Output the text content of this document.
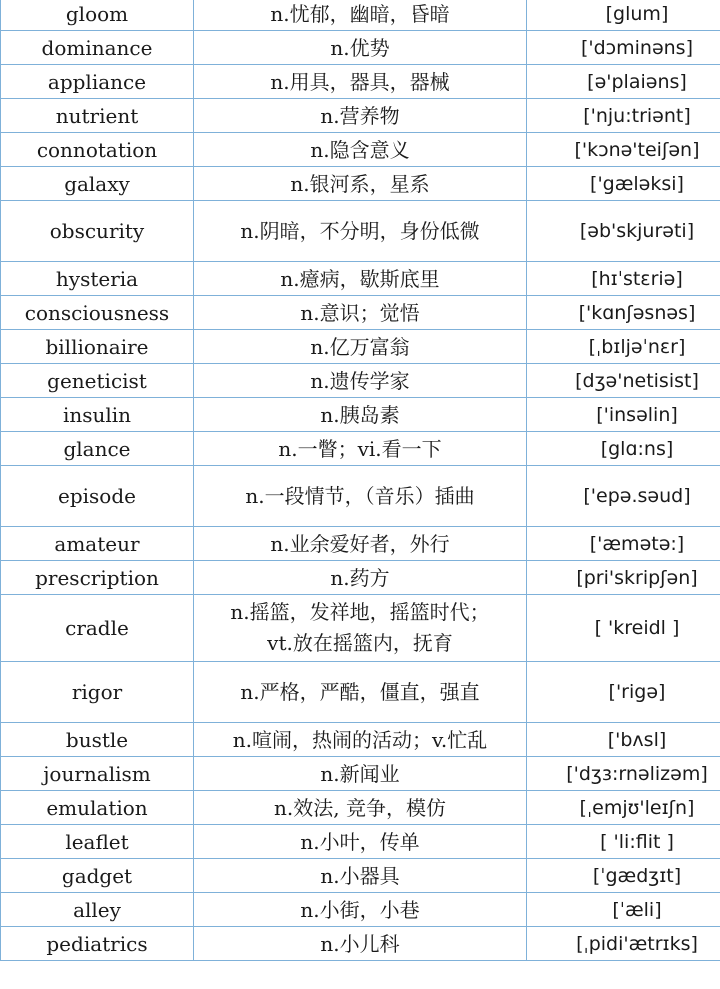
gloom	n.忧郁，幽暗，昏暗	[glum]
dominance	n.优势	['dɔminəns]
appliance	n.用具，器具，器械	[ə'plaiəns]
nutrient	n.营养物	['nju:triənt]
connotation	n.隐含意义	['kɔnə'teiʃən]
galaxy	n.银河系，星系	['gæləksi]
obscurity	n.阴暗，不分明，身份低微	[əb'skjurəti]
hysteria	n.癔病，歇斯底里	[hɪˈstɛriə]
consciousness	n.意识；觉悟	['kɑnʃəsnəs]
billionaire	n.亿万富翁	[ˌbɪljəˈnɛr]
geneticist	n.遗传学家	[dʒə'netisist]
insulin	n.胰岛素	['insəlin]
glance	n.一瞥；vi.看一下	[glɑ:ns]
episode	n.一段情节，（音乐）插曲	['epə.səud]
amateur	n.业余爱好者，外行	['æmətə:]
prescription	n.药方	[pri'skripʃən]
cradle	n.摇篮，发祥地，摇篮时代；
vt.放在摇篮内，抚育	[ 'kreidl ]
rigor	n.严格，严酷，僵直，强直	['rigə]
bustle	n.喧闹，热闹的活动；v.忙乱	['bʌsl]
journalism	n.新闻业	['dʒɜ:rnəlizəm]
emulation	n.效法, 竞争，模仿	[ˌemjʊ'leɪʃn]
leaflet	n.小叶，传单	[ 'li:flit ]
gadget	n.小器具	[ˈgædʒɪt]
alley	n.小街，小巷	[ˈæli]
pediatrics	n.小儿科	[ˌpidi'ætrɪks]
